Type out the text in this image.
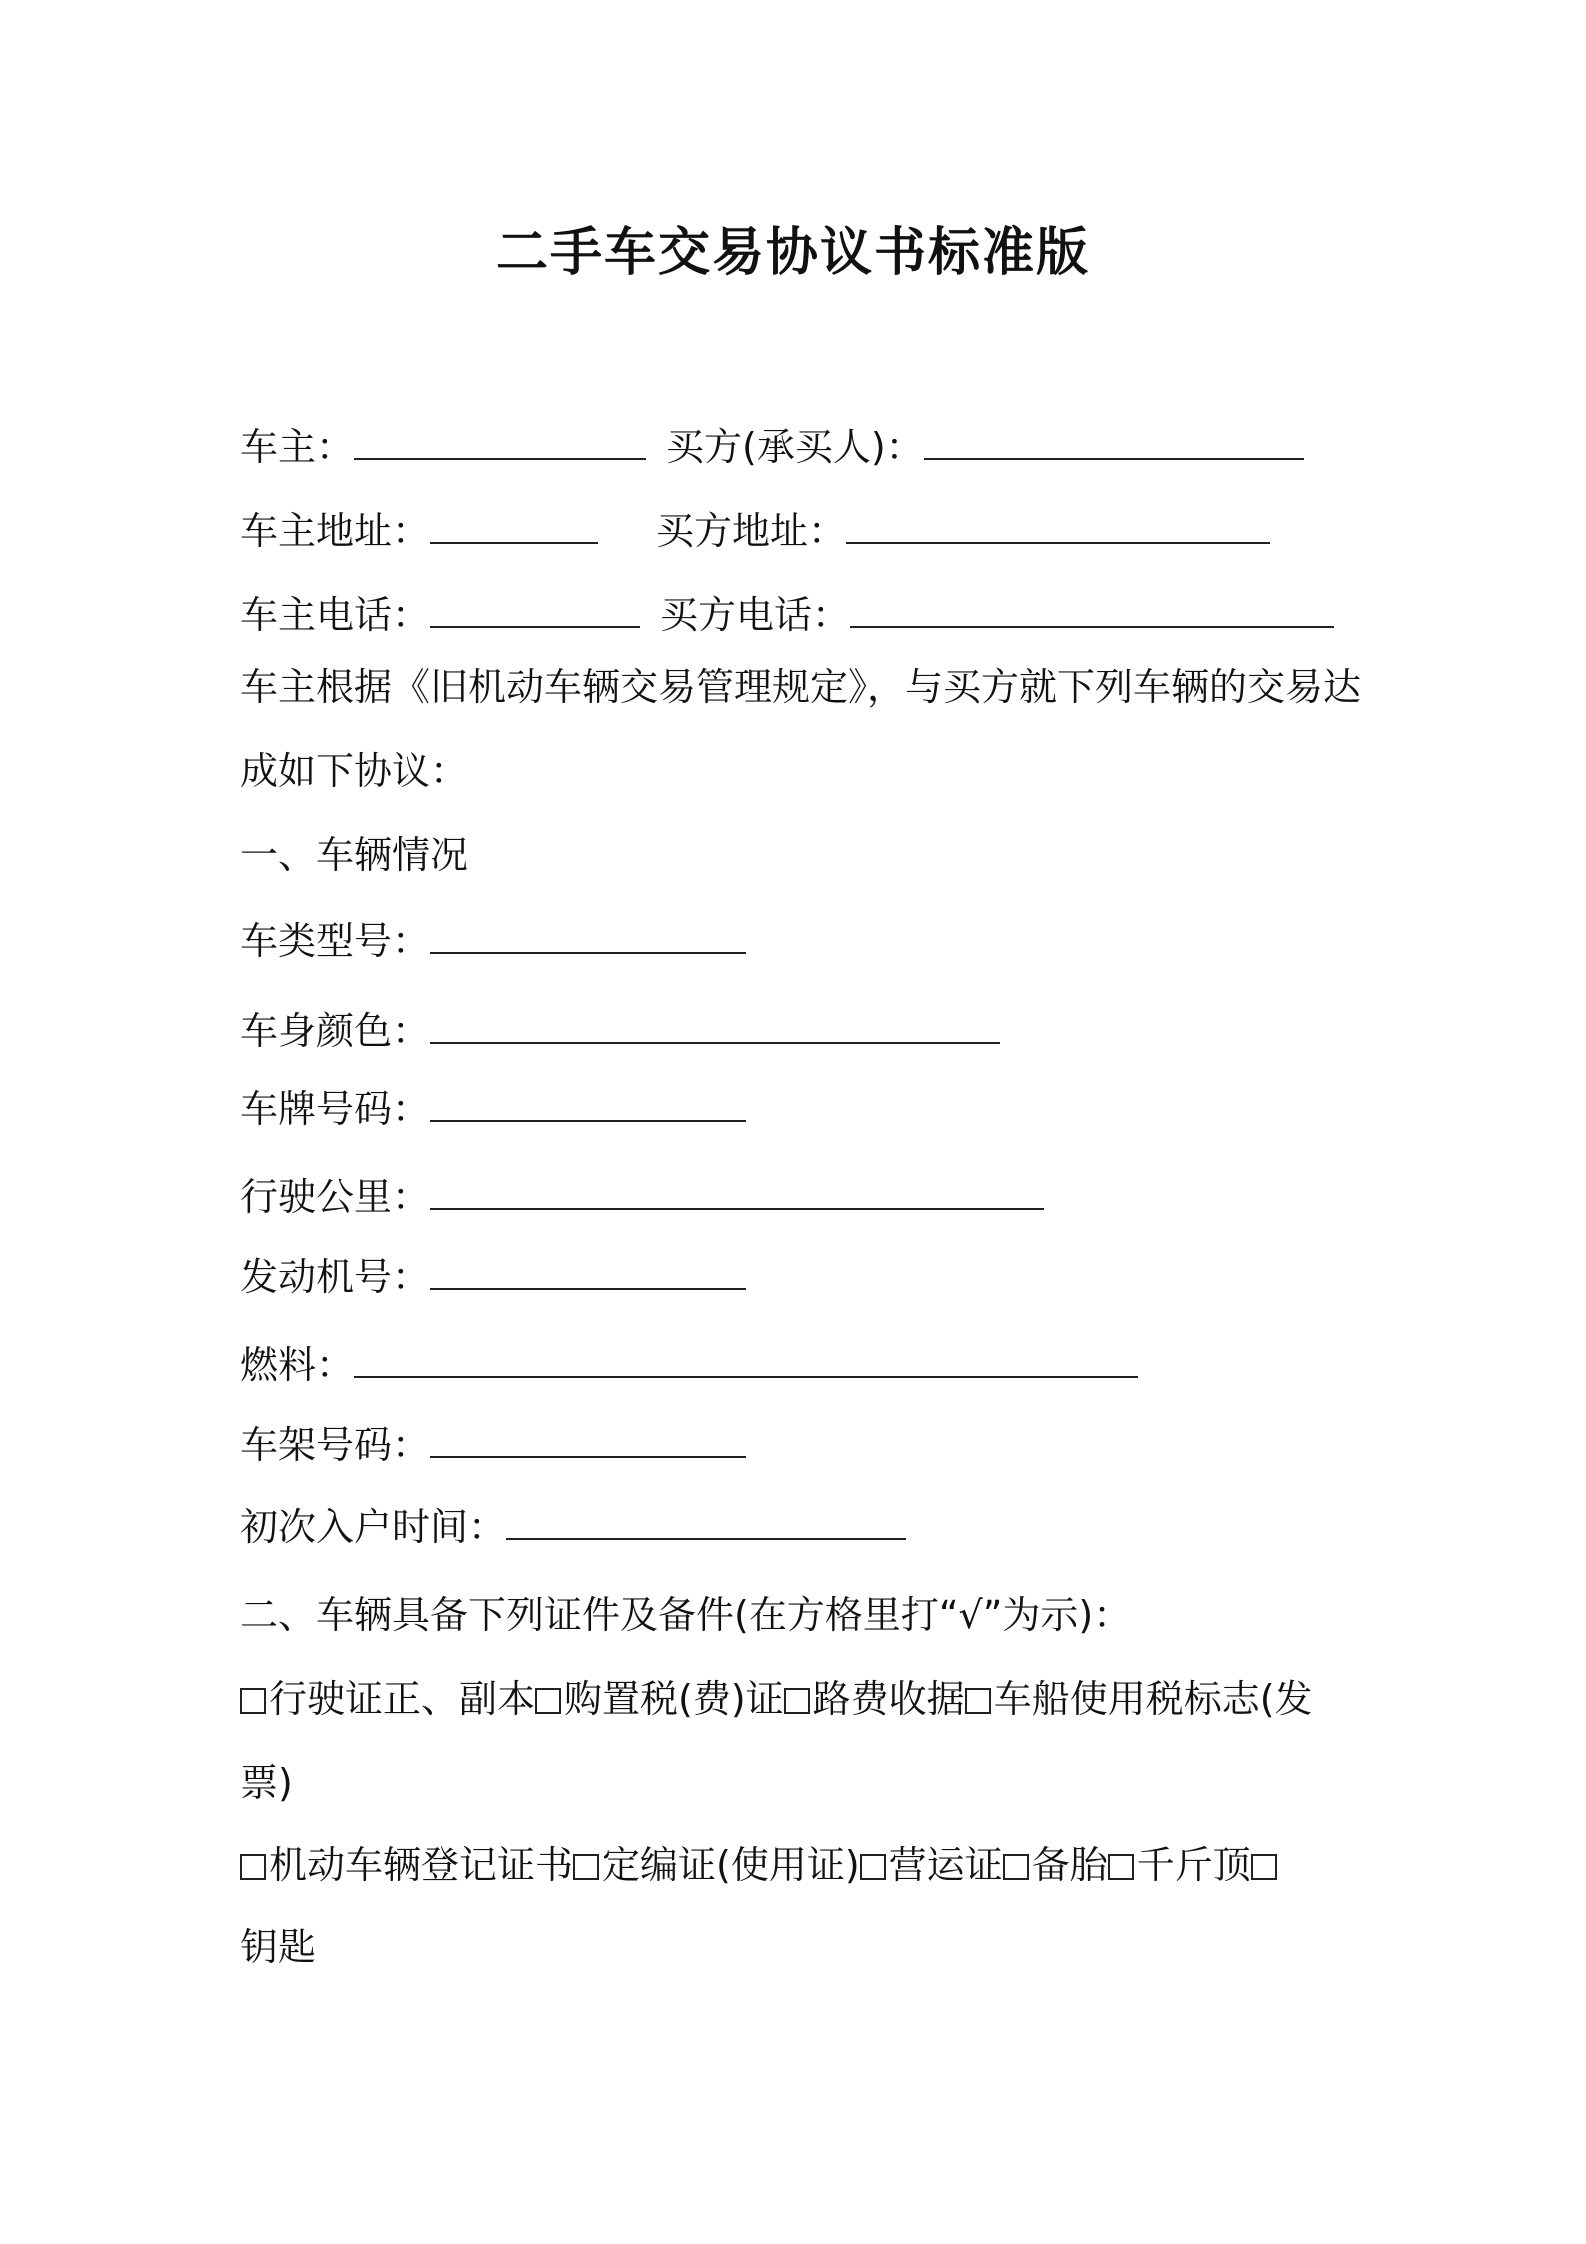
二手车交易协议书标准版
车主：	买方(承买人)：
车主地址：	买方地址：
车主电话：	买方电话：
车主根据《旧机动车辆交易管理规定》，与买方就下列车辆的交易达
成如下协议：
一、车辆情况
车类型号：
车身颜色：
车牌号码：
行驶公里：
发动机号：
燃料：
车架号码：
初次入户时间：
二、车辆具备下列证件及备件(在方格里打“√”为示)：
行驶证正、副本 购置税(费)证 路费收据 车船使用税标志(发
票)
机动车辆登记证书 定编证(使用证) 营运证 备胎 千斤顶
钥匙
